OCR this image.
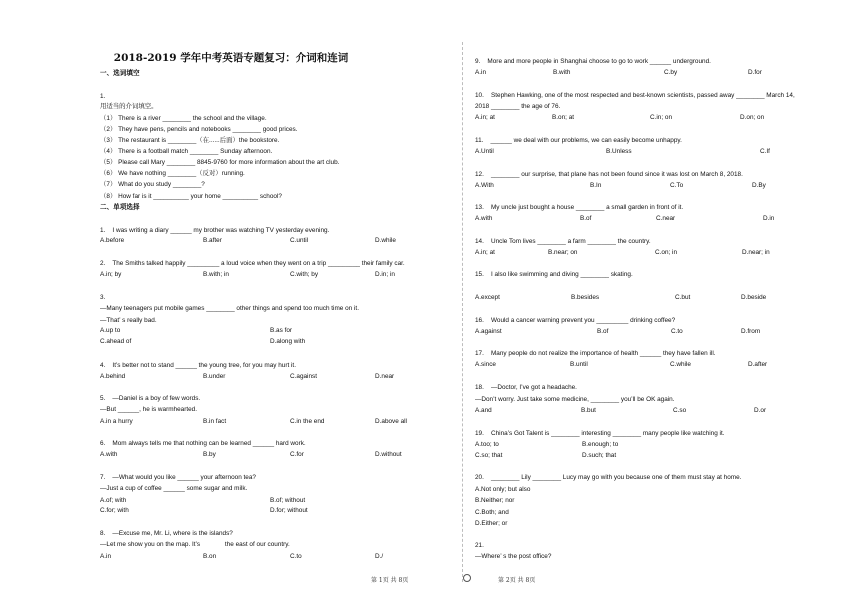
2018-2019 学年中考英语专题复习：介词和连词
一、选词填空
1.
用适当的介词填空。
（1） There is a river ________ the school and the village.
（2） They have pens, pencils and notebooks ________ good prices.
（3） The restaurant is ________（在......后面）the bookstore.
（4） There is a football match ________ Sunday afternoon.
（5） Please call Mary ________ 8845-9760 for more information about the art club.
（6） We have nothing ________（反对）running.
（7） What do you study ________?
（8） How far is it __________ your home __________ school?
二、单项选择
1.    I was writing a diary ______ my brother was watching TV yesterday evening.
A.before	B.after	C.until	D.while
2.    The Smiths talked happily _________ a loud voice when they went on a trip _________ their family car.
A.in; by	B.with; in	C.with; by	D.in; in
3.
—Many teenagers put mobile games ________ other things and spend too much time on it.
—That’ s really bad.
A.up to	B.as for
C.ahead of	D.along with
4.    It’s better not to stand ______ the young tree, for you may hurt it.
A.behind	B.under	C.against	D.near
5.    —Daniel is a boy of few words.
—But ______, he is warmhearted.
A.in a hurry	B.in fact	C.in the end	D.above all
6.    Mom always tells me that nothing can be learned ______ hard work.
A.with	B.by	C.for	D.without
7.    —What would you like ______ your afternoon tea?
—Just a cup of coffee ______ some sugar and milk.
A.of; with	B.of; without
C.for; with	D.for; without
8.    —Excuse me, Mr. Li, where is the islands?
—Let me show you on the map. It’s              the east of our country.
A.in	B.on	C.to	D./
9.    More and more people in Shanghai choose to go to work ______ underground.
A.in	B.with	C.by	D.for
10.    Stephen Hawking, one of the most respected and best-known scientists, passed away ________ March 14,
2018 ________ the age of 76.
A.in; at	B.on; at	C.in; on	D.on; on
11.    ______ we deal with our problems, we can easily become unhappy.
A.Until	B.Unless	C.If
12.    ________ our surprise, that plane has not been found since it was lost on March 8, 2018.
A.With	B.In	C.To	D.By
13.    My uncle just bought a house ________ a small garden in front of it.
A.with	B.of	C.near	D.in
14.    Uncle Tom lives ________ a farm ________ the country.
A.in; at	B.near; on	C.on; in	D.near; in
15.    I also like swimming and diving ________ skating.
A.except	B.besides	C.but	D.beside
16.    Would a cancer warning prevent you _________ drinking coffee?
A.against	B.of	C.to	D.from
17.    Many people do not realize the importance of health ______ they have fallen ill.
A.since	B.until	C.while	D.after
18.    —Doctor, I’ve got a headache.
—Don’t worry. Just take some medicine, ________ you’ll be OK again.
A.and	B.but	C.so	D.or
19.    China’s Got Talent is ________ interesting ________ many people like watching it.
A.too; to	B.enough; to
C.so; that	D.such; that
20.    ________ Lily ________ Lucy may go with you because one of them must stay at home.
A.Not only; but also
B.Neither; nor
C.Both; and
D.Either; or
21.
—Where’ s the post office?
第 1页 共 8页	第 2页 共 8页
